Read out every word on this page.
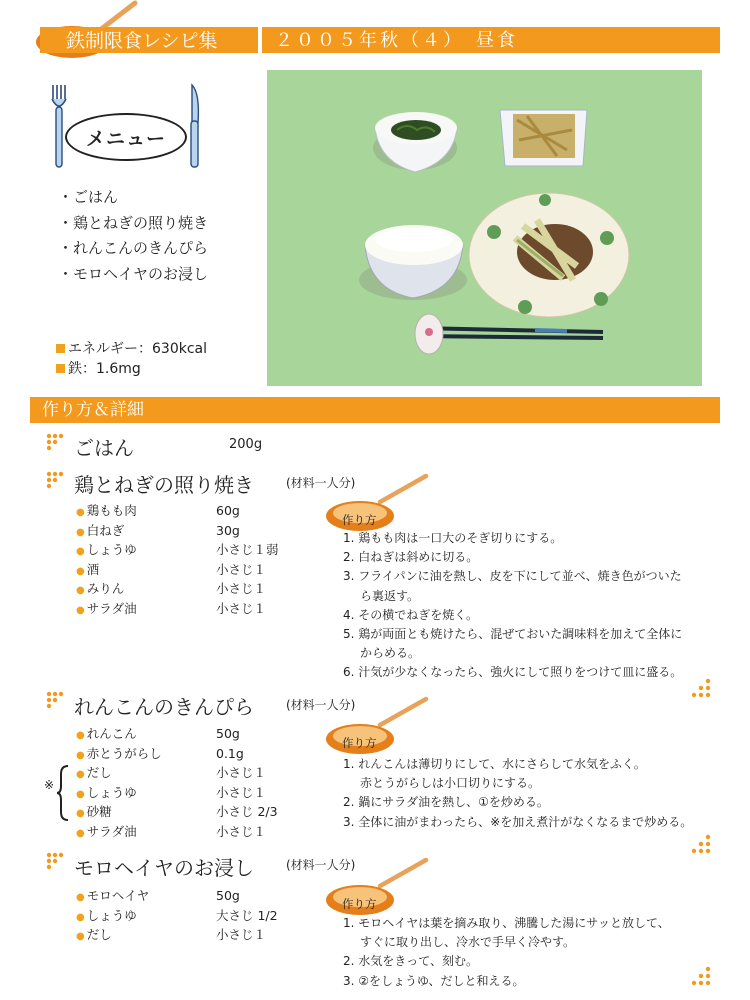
鉄制限食レシピ集	２００５年秋（４）　昼食
メニュー
・ごはん
・鶏とねぎの照り焼き
・れんこんのきんぴら
・モロヘイヤのお浸し
エネルギー：630kcal
鉄：1.6mg
作り方＆詳細
ごはん	200g
鶏とねぎの照り焼き	(材料一人分)
● 鶏もも肉	60g
● 白ねぎ	30g
● しょうゆ	小さじ１弱
● 酒	小さじ１
● みりん	小さじ１
● サラダ油	小さじ１
作り方
1. 鶏もも肉は一口大のそぎ切りにする。
2. 白ねぎは斜めに切る。
3. フライパンに油を熱し、皮を下にして並べ、焼き色がついた
ら裏返す。
4. その横でねぎを焼く。
5. 鶏が両面とも焼けたら、混ぜておいた調味料を加えて全体に
からめる。
6. 汁気が少なくなったら、強火にして照りをつけて皿に盛る。
れんこんのきんぴら	(材料一人分)
● れんこん	50g
● 赤とうがらし	0.1g
● だし	小さじ１
● しょうゆ	小さじ１
● 砂糖	小さじ 2/3
● サラダ油	小さじ１
※
作り方
1. れんこんは薄切りにして、水にさらして水気をふく。
赤とうがらしは小口切りにする。
2. 鍋にサラダ油を熱し、①を炒める。
3. 全体に油がまわったら、※を加え煮汁がなくなるまで炒める。
モロヘイヤのお浸し	(材料一人分)
● モロヘイヤ	50g
● しょうゆ	大さじ 1/2
● だし	小さじ１
作り方
1. モロヘイヤは葉を摘み取り、沸騰した湯にサッと放して、
すぐに取り出し、冷水で手早く冷やす。
2. 水気をきって、刻む。
3. ②をしょうゆ、だしと和える。
